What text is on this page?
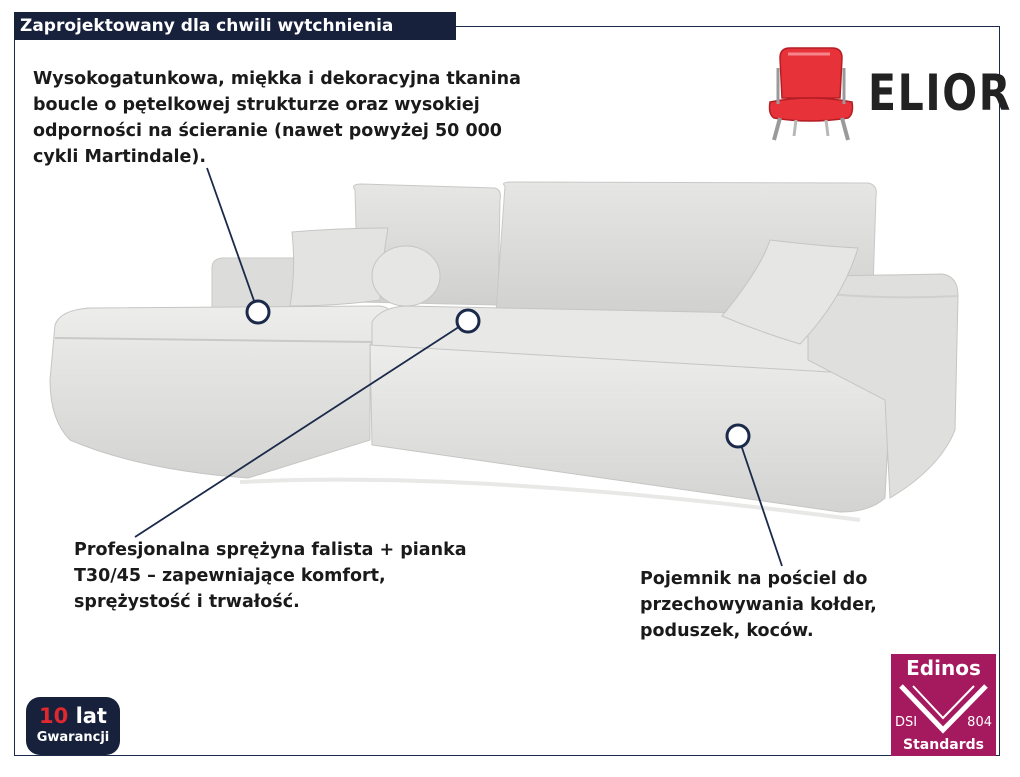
Zaprojektowany dla chwili wytchnienia
Wysokogatunkowa, miękka i dekoracyjna tkanina
boucle o pętelkowej strukturze oraz wysokiej
odporności na ścieranie (nawet powyżej 50 000
cykli Martindale).
Profesjonalna sprężyna falista + pianka
T30/45 – zapewniające komfort,
sprężystość i trwałość.
Pojemnik na pościel do
przechowywania kołder,
poduszek, koców.
ELIOR
10 lat
Gwarancji
Edinos
DSI	804
Standards
